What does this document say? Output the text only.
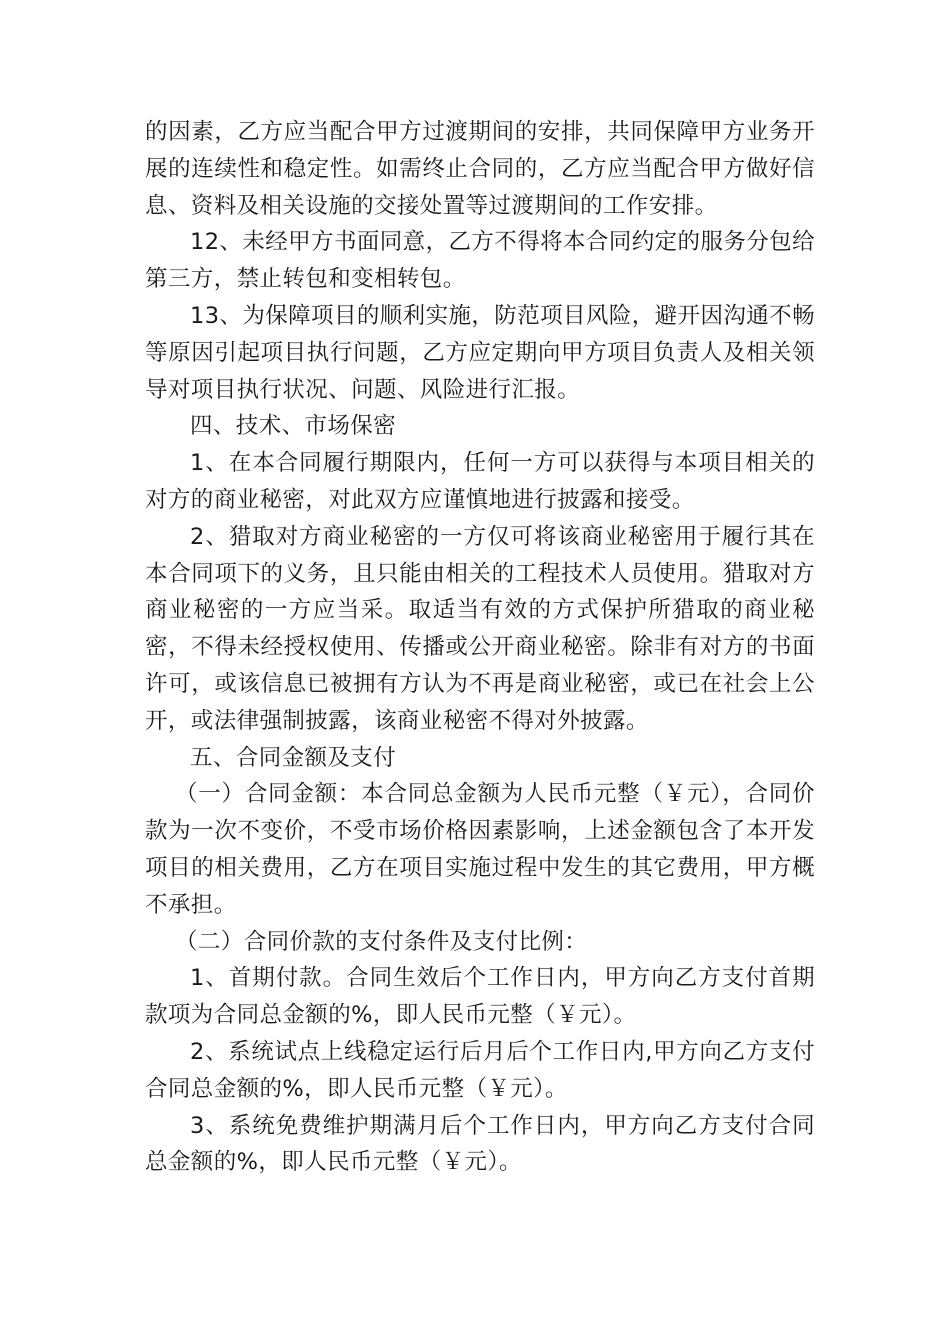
的因素，乙方应当配合甲方过渡期间的安排，共同保障甲方业务开展的连续性和稳定性。如需终止合同的，乙方应当配合甲方做好信息、资料及相关设施的交接处置等过渡期间的工作安排。

12、未经甲方书面同意，乙方不得将本合同约定的服务分包给第三方，禁止转包和变相转包。

13、为保障项目的顺利实施，防范项目风险，避开因沟通不畅等原因引起项目执行问题，乙方应定期向甲方项目负责人及相关领导对项目执行状况、问题、风险进行汇报。

四、技术、市场保密

1、在本合同履行期限内，任何一方可以获得与本项目相关的对方的商业秘密，对此双方应谨慎地进行披露和接受。

2、猎取对方商业秘密的一方仅可将该商业秘密用于履行其在本合同项下的义务，且只能由相关的工程技术人员使用。猎取对方商业秘密的一方应当采。取适当有效的方式保护所猎取的商业秘密，不得未经授权使用、传播或公开商业秘密。除非有对方的书面许可，或该信息已被拥有方认为不再是商业秘密，或已在社会上公开，或法律强制披露，该商业秘密不得对外披露。

五、合同金额及支付

（一）合同金额：本合同总金额为人民币元整（￥元），合同价款为一次不变价，不受市场价格因素影响，上述金额包含了本开发项目的相关费用，乙方在项目实施过程中发生的其它费用，甲方概不承担。

（二）合同价款的支付条件及支付比例：

1、首期付款。合同生效后个工作日内，甲方向乙方支付首期款项为合同总金额的%，即人民币元整（￥元）。

2、系统试点上线稳定运行后月后个工作日内,甲方向乙方支付合同总金额的%，即人民币元整（￥元）。

3、系统免费维护期满月后个工作日内，甲方向乙方支付合同总金额的%，即人民币元整（￥元）。
